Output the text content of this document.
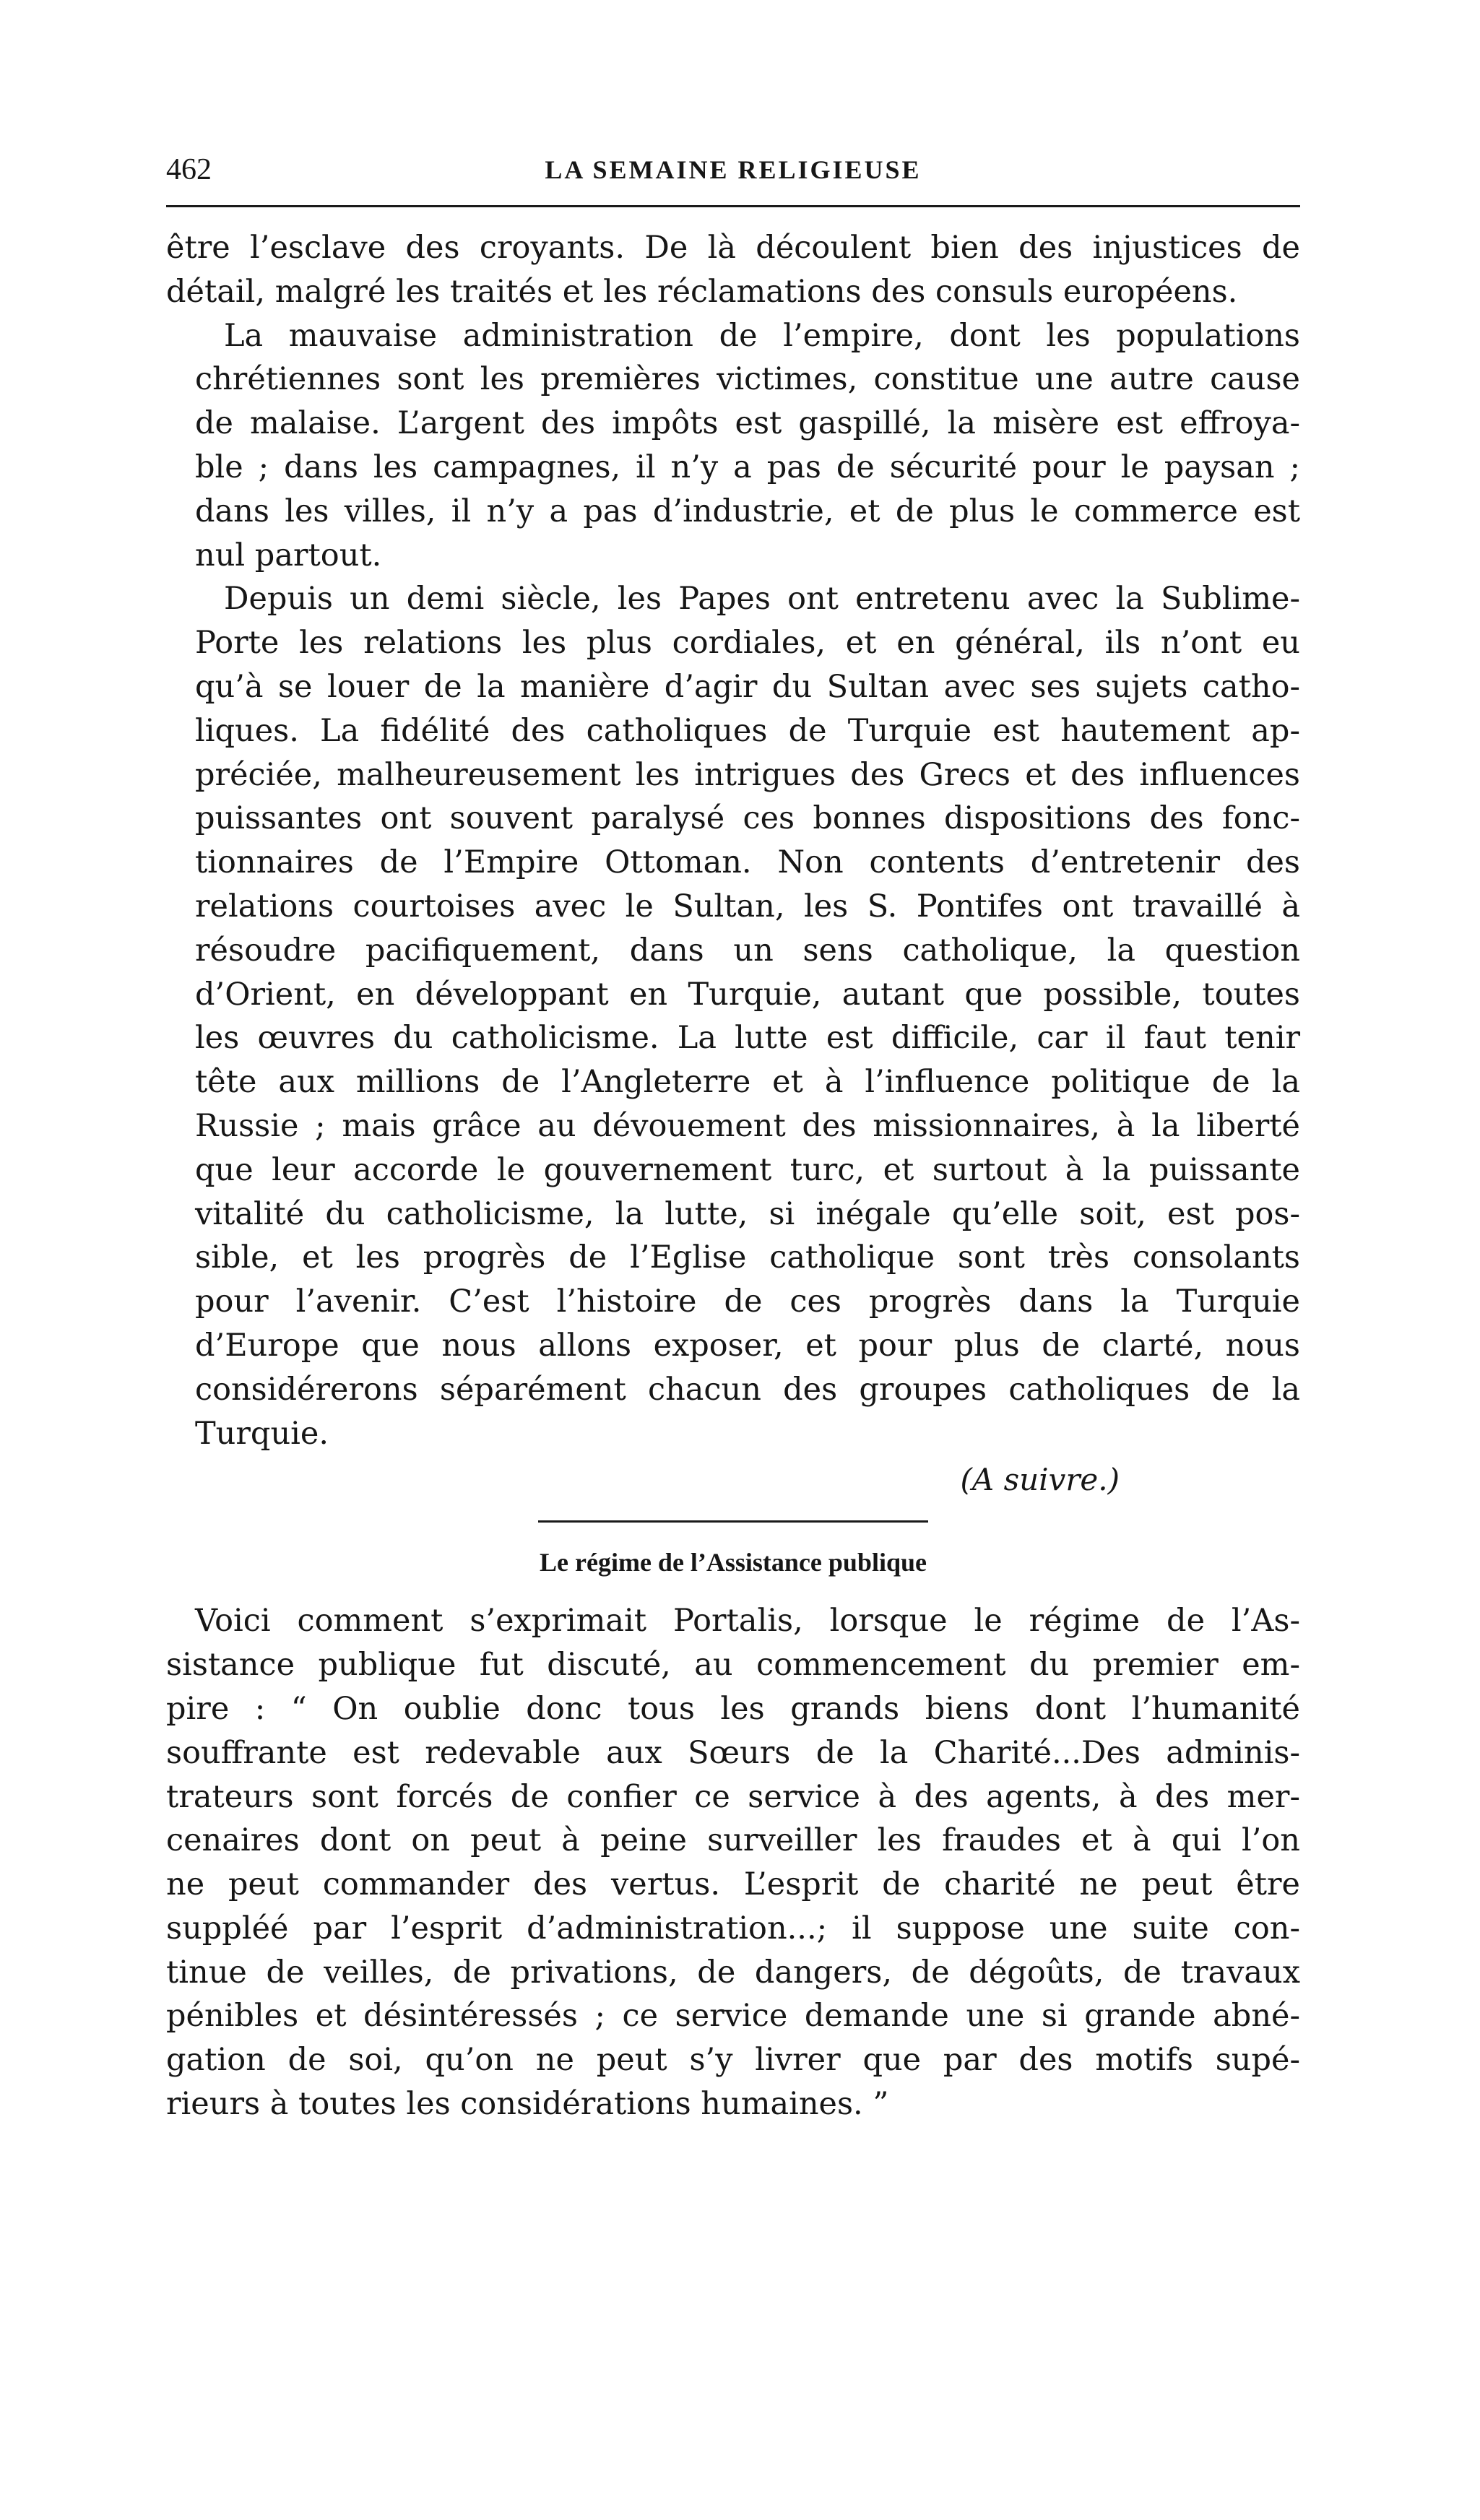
462	LA SEMAINE RELIGIEUSE

être l’esclave des croyants. De là découlent bien des injustices de
détail, malgré les traités et les réclamations des consuls européens.

La mauvaise administration de l’empire, dont les populations
chrétiennes sont les premières victimes, constitue une autre cause
de malaise. L’argent des impôts est gaspillé, la misère est effroya-
ble ; dans les campagnes, il n’y a pas de sécurité pour le paysan ;
dans les villes, il n’y a pas d’industrie, et de plus le commerce est
nul partout.

Depuis un demi siècle, les Papes ont entretenu avec la Sublime-
Porte les relations les plus cordiales, et en général, ils n’ont eu
qu’à se louer de la manière d’agir du Sultan avec ses sujets catho-
liques. La fidélité des catholiques de Turquie est hautement ap-
préciée, malheureusement les intrigues des Grecs et des influences
puissantes ont souvent paralysé ces bonnes dispositions des fonc-
tionnaires de l’Empire Ottoman. Non contents d’entretenir des
relations courtoises avec le Sultan, les S. Pontifes ont travaillé à
résoudre pacifiquement, dans un sens catholique, la question
d’Orient, en développant en Turquie, autant que possible, toutes
les œuvres du catholicisme. La lutte est difficile, car il faut tenir
tête aux millions de l’Angleterre et à l’influence politique de la
Russie ; mais grâce au dévouement des missionnaires, à la liberté
que leur accorde le gouvernement turc, et surtout à la puissante
vitalité du catholicisme, la lutte, si inégale qu’elle soit, est pos-
sible, et les progrès de l’Eglise catholique sont très consolants
pour l’avenir. C’est l’histoire de ces progrès dans la Turquie
d’Europe que nous allons exposer, et pour plus de clarté, nous
considérerons séparément chacun des groupes catholiques de la
Turquie.

(A suivre.)
Le régime de l’Assistance publique

Voici comment s’exprimait Portalis, lorsque le régime de l’As-
sistance publique fut discuté, au commencement du premier em-
pire : “ On oublie donc tous les grands biens dont l’humanité
souffrante est redevable aux Sœurs de la Charité...Des adminis-
trateurs sont forcés de confier ce service à des agents, à des mer-
cenaires dont on peut à peine surveiller les fraudes et à qui l’on
ne peut commander des vertus. L’esprit de charité ne peut être
suppléé par l’esprit d’administration...; il suppose une suite con-
tinue de veilles, de privations, de dangers, de dégoûts, de travaux
pénibles et désintéressés ; ce service demande une si grande abné-
gation de soi, qu’on ne peut s’y livrer que par des motifs supé-
rieurs à toutes les considérations humaines. ”
